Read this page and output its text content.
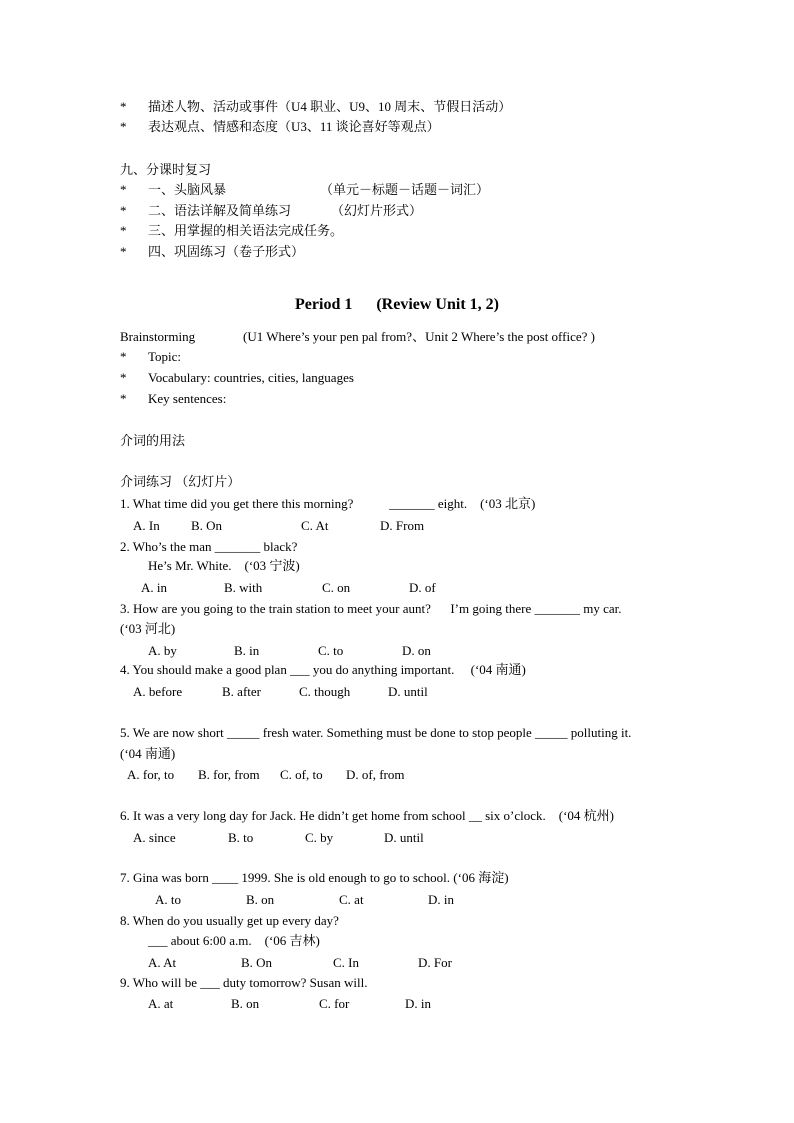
* 描述人物、活动或事件（U4 职业、U9、10 周末、节假日活动）
* 表达观点、情感和态度（U3、11 谈论喜好等观点）
九、分课时复习
* 一、头脑风暴	（单元－标题－话题－词汇）
* 二、语法详解及简单练习	（幻灯片形式）
* 三、用掌握的相关语法完成任务。
* 四、巩固练习（卷子形式）
Period 1      (Review Unit 1, 2)
Brainstorming	(U1 Where’s your pen pal from?、Unit 2 Where’s the post office? )
* Topic:
* Vocabulary: countries, cities, languages
* Key sentences:
介词的用法
介词练习 （幻灯片）
1. What time did you get there this morning?           _______ eight.    (‘03 北京)
A. In B. On	C. At	D. From
2. Who’s the man _______ black?
He’s Mr. White.    (‘03 宁波)
A. in	B. with	C. on	D. of
3. How are you going to the train station to meet your aunt?      I’m going there _______ my car.
(‘03 河北)
A. by	B. in	C. to	D. on
4. You should make a good plan ___ you do anything important.     (‘04 南通)
A. before	B. after	C. though	D. until
5. We are now short _____ fresh water. Something must be done to stop people _____ polluting it.
(‘04 南通)
A. for, to B. for, from C. of, to D. of, from
6. It was a very long day for Jack. He didn’t get home from school __ six o’clock.    (‘04 杭州)
A. since	B. to	C. by	D. until
7. Gina was born ____ 1999. She is old enough to go to school. (‘06 海淀)
A. to	B. on	C. at	D. in
8. When do you usually get up every day?
___ about 6:00 a.m.    (‘06 吉林)
A. At	B. On	C. In	D. For
9. Who will be ___ duty tomorrow? Susan will.
A. at	B. on	C. for	D. in
